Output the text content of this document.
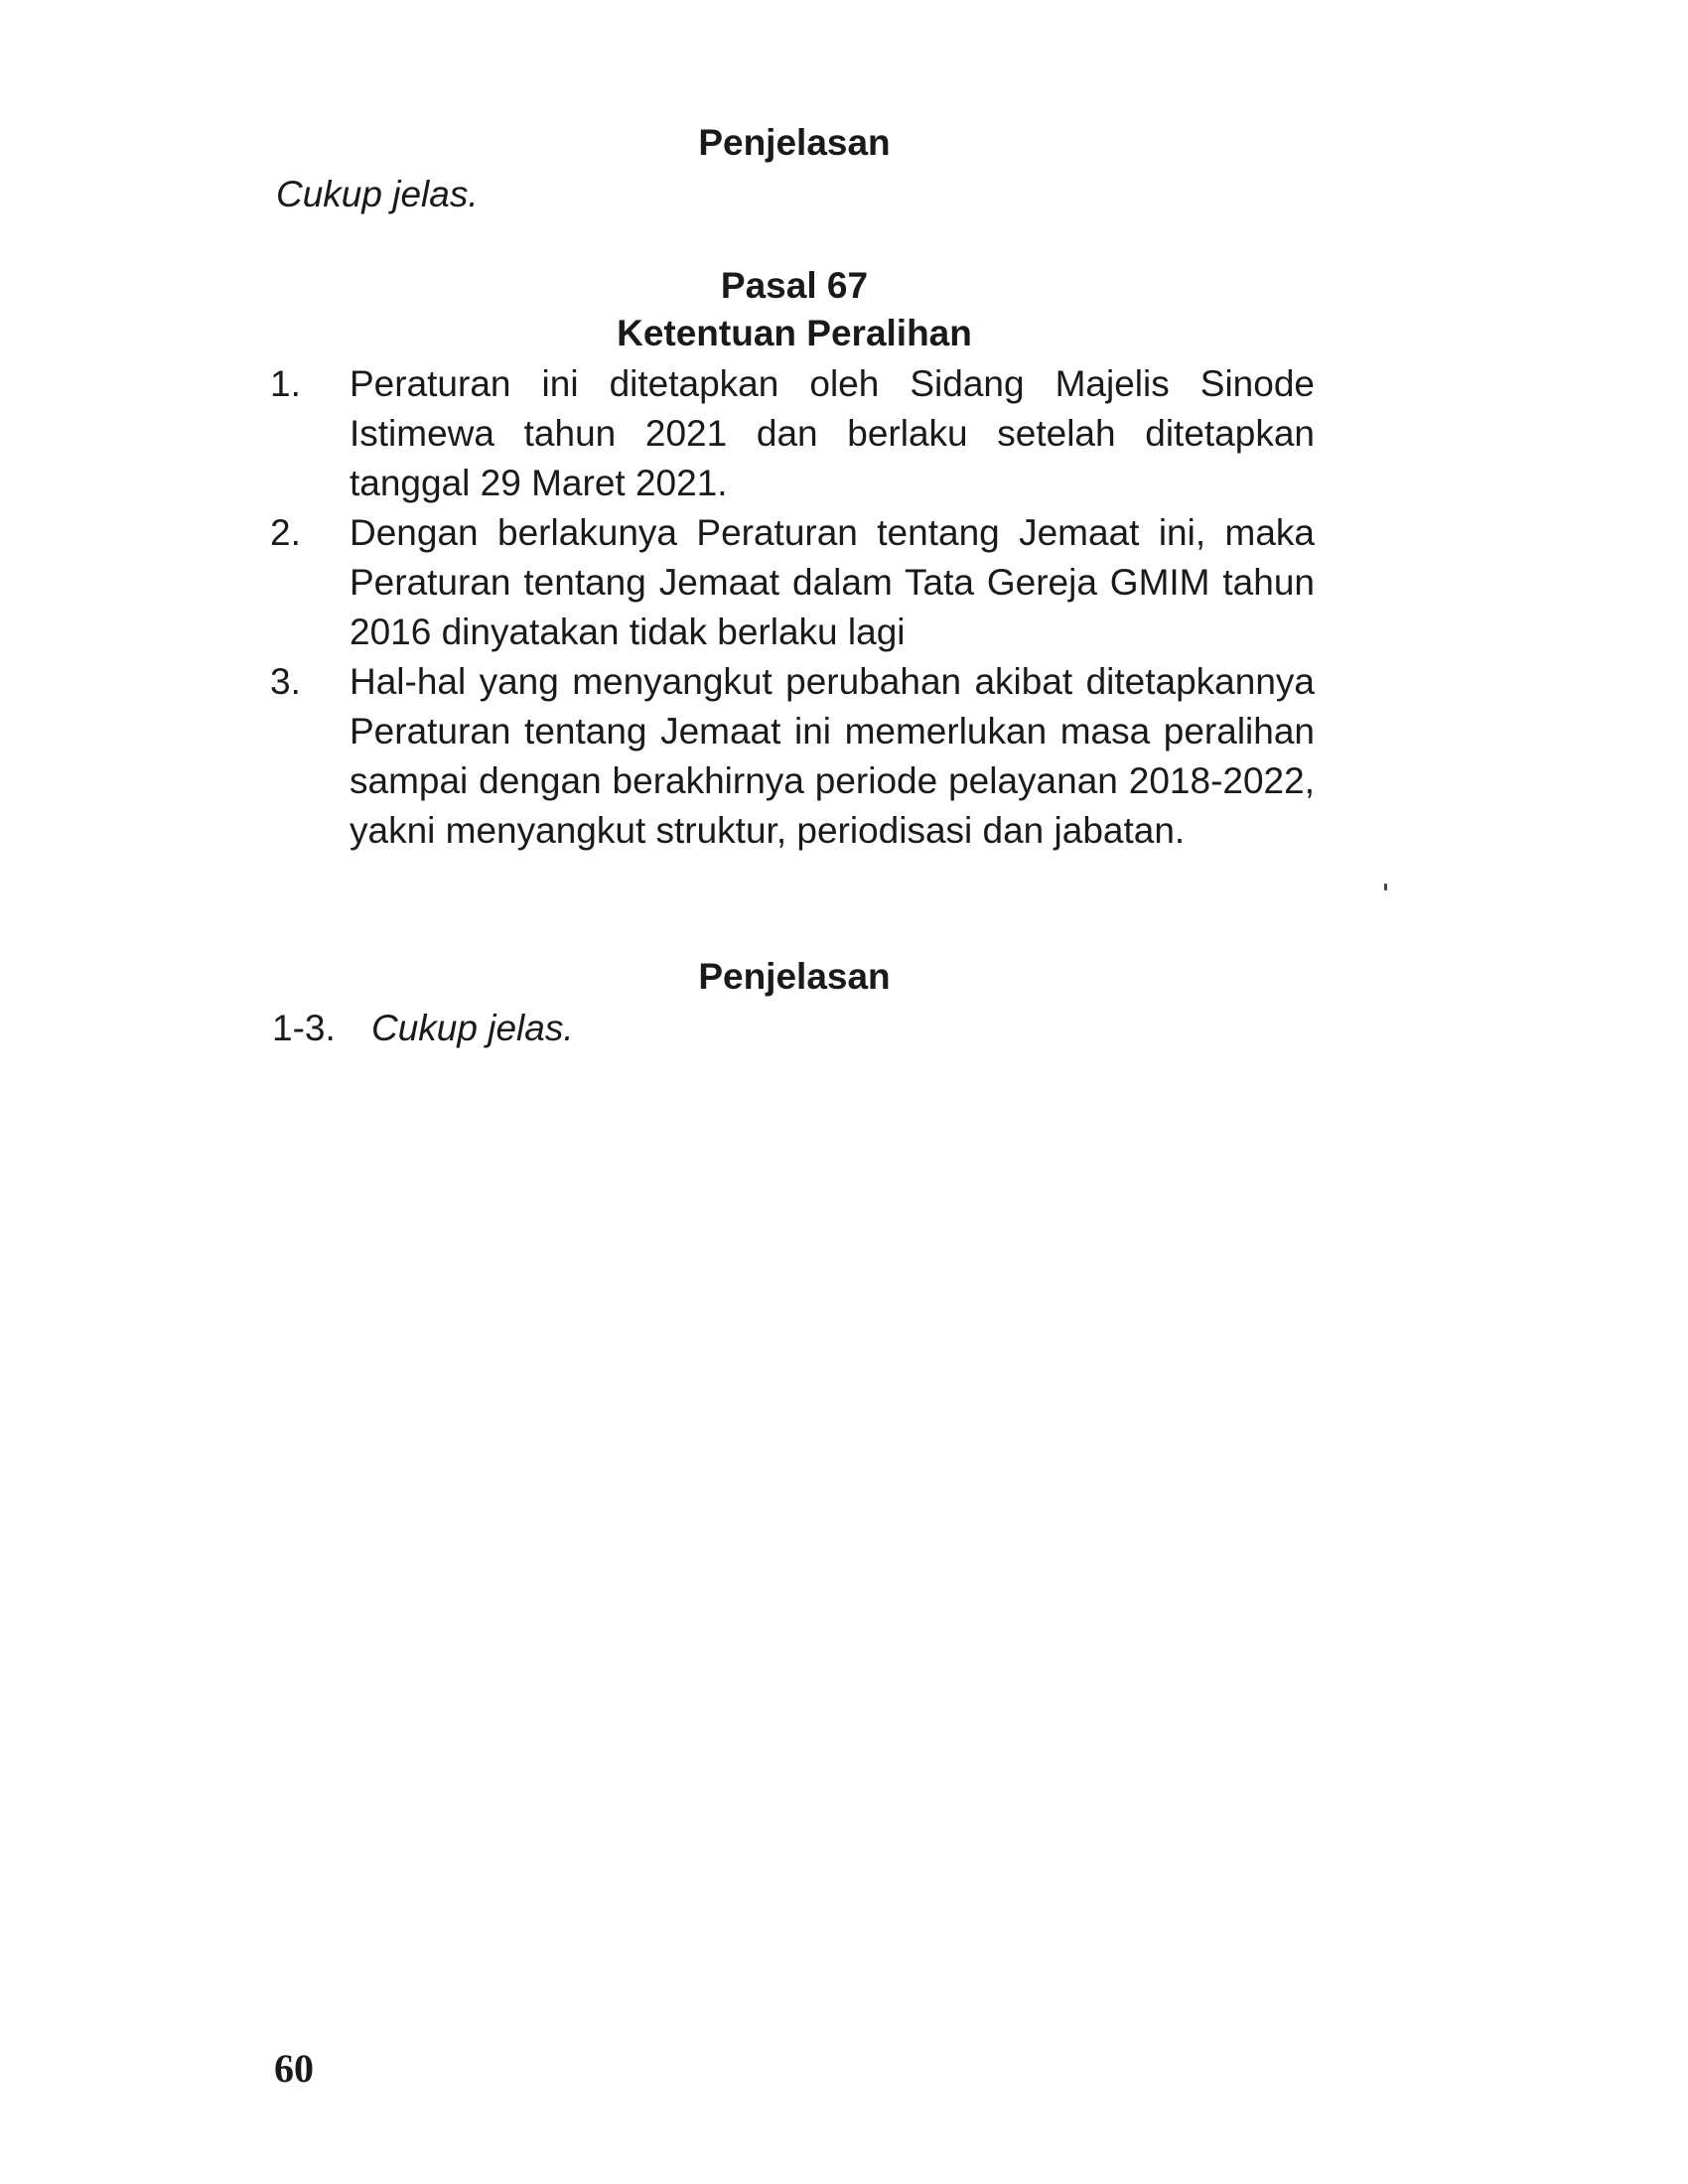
Penjelasan

Cukup jelas.

Pasal 67
Ketentuan Peralihan
1. Peraturan ini ditetapkan oleh Sidang Majelis Sinode Istimewa tahun 2021 dan berlaku setelah ditetapkan tanggal 29 Maret 2021.
2. Dengan berlakunya Peraturan tentang Jemaat ini, maka Peraturan tentang Jemaat dalam Tata Gereja GMIM tahun 2016 dinyatakan tidak berlaku lagi
3. Hal-hal yang menyangkut perubahan akibat ditetapkannya Peraturan tentang Jemaat ini memerlukan masa peralihan sampai dengan berakhirnya periode pelayanan 2018-2022, yakni menyangkut struktur, periodisasi dan jabatan.
Penjelasan
1-3. Cukup jelas.
60
